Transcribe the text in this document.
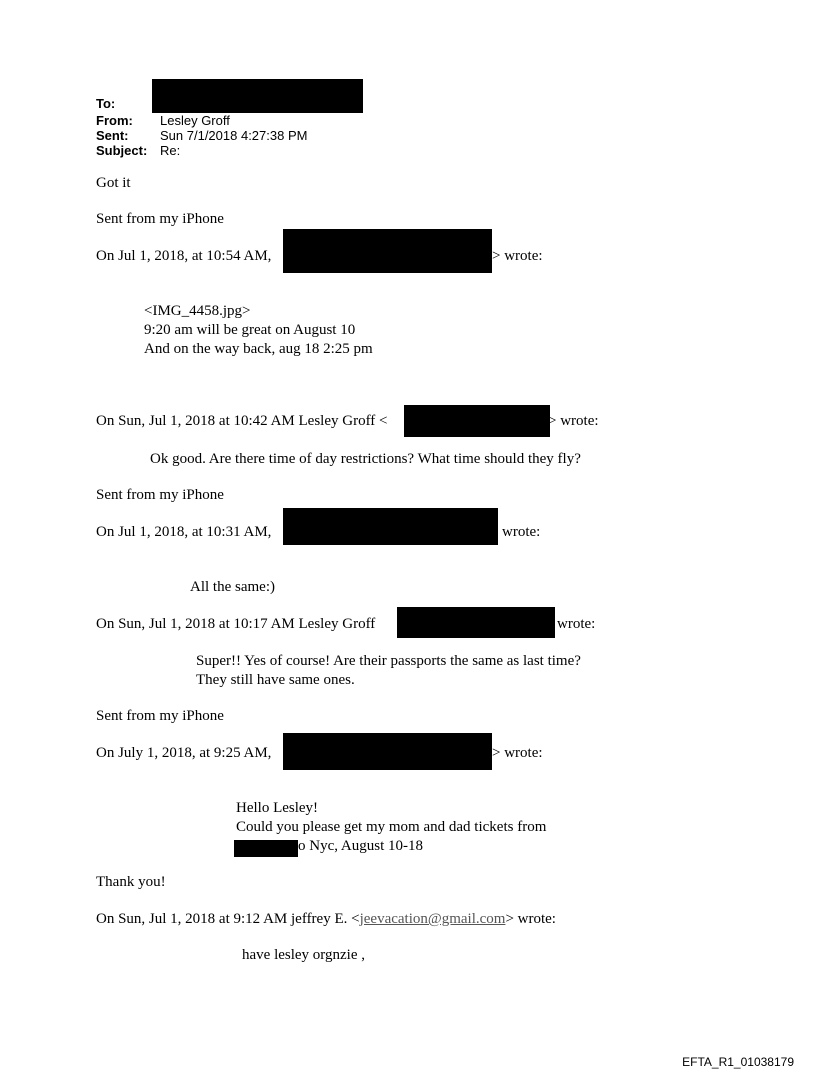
To:
From: Lesley Groff
Sent: Sun 7/1/2018 4:27:38 PM
Subject: Re:
Got it
Sent from my iPhone
On Jul 1, 2018, at 10:54 AM,	> wrote:
<IMG_4458.jpg>
9:20 am will be great on August 10
And on the way back, aug 18 2:25 pm
On Sun, Jul 1, 2018 at 10:42 AM Lesley Groff <	> wrote:
Ok good. Are there time of day restrictions? What time should they fly?
Sent from my iPhone
On Jul 1, 2018, at 10:31 AM,	wrote:
All the same:)
On Sun, Jul 1, 2018 at 10:17 AM Lesley Groff	wrote:
Super!! Yes of course! Are their passports the same as last time?
They still have same ones.
Sent from my iPhone
On July 1, 2018, at 9:25 AM,	> wrote:
Hello Lesley!
Could you please get my mom and dad tickets from
o Nyc, August 10-18
Thank you!
On Sun, Jul 1, 2018 at 9:12 AM jeffrey E. <jeevacation@gmail.com> wrote:
have lesley orgnzie ,
EFTA_R1_01038179
